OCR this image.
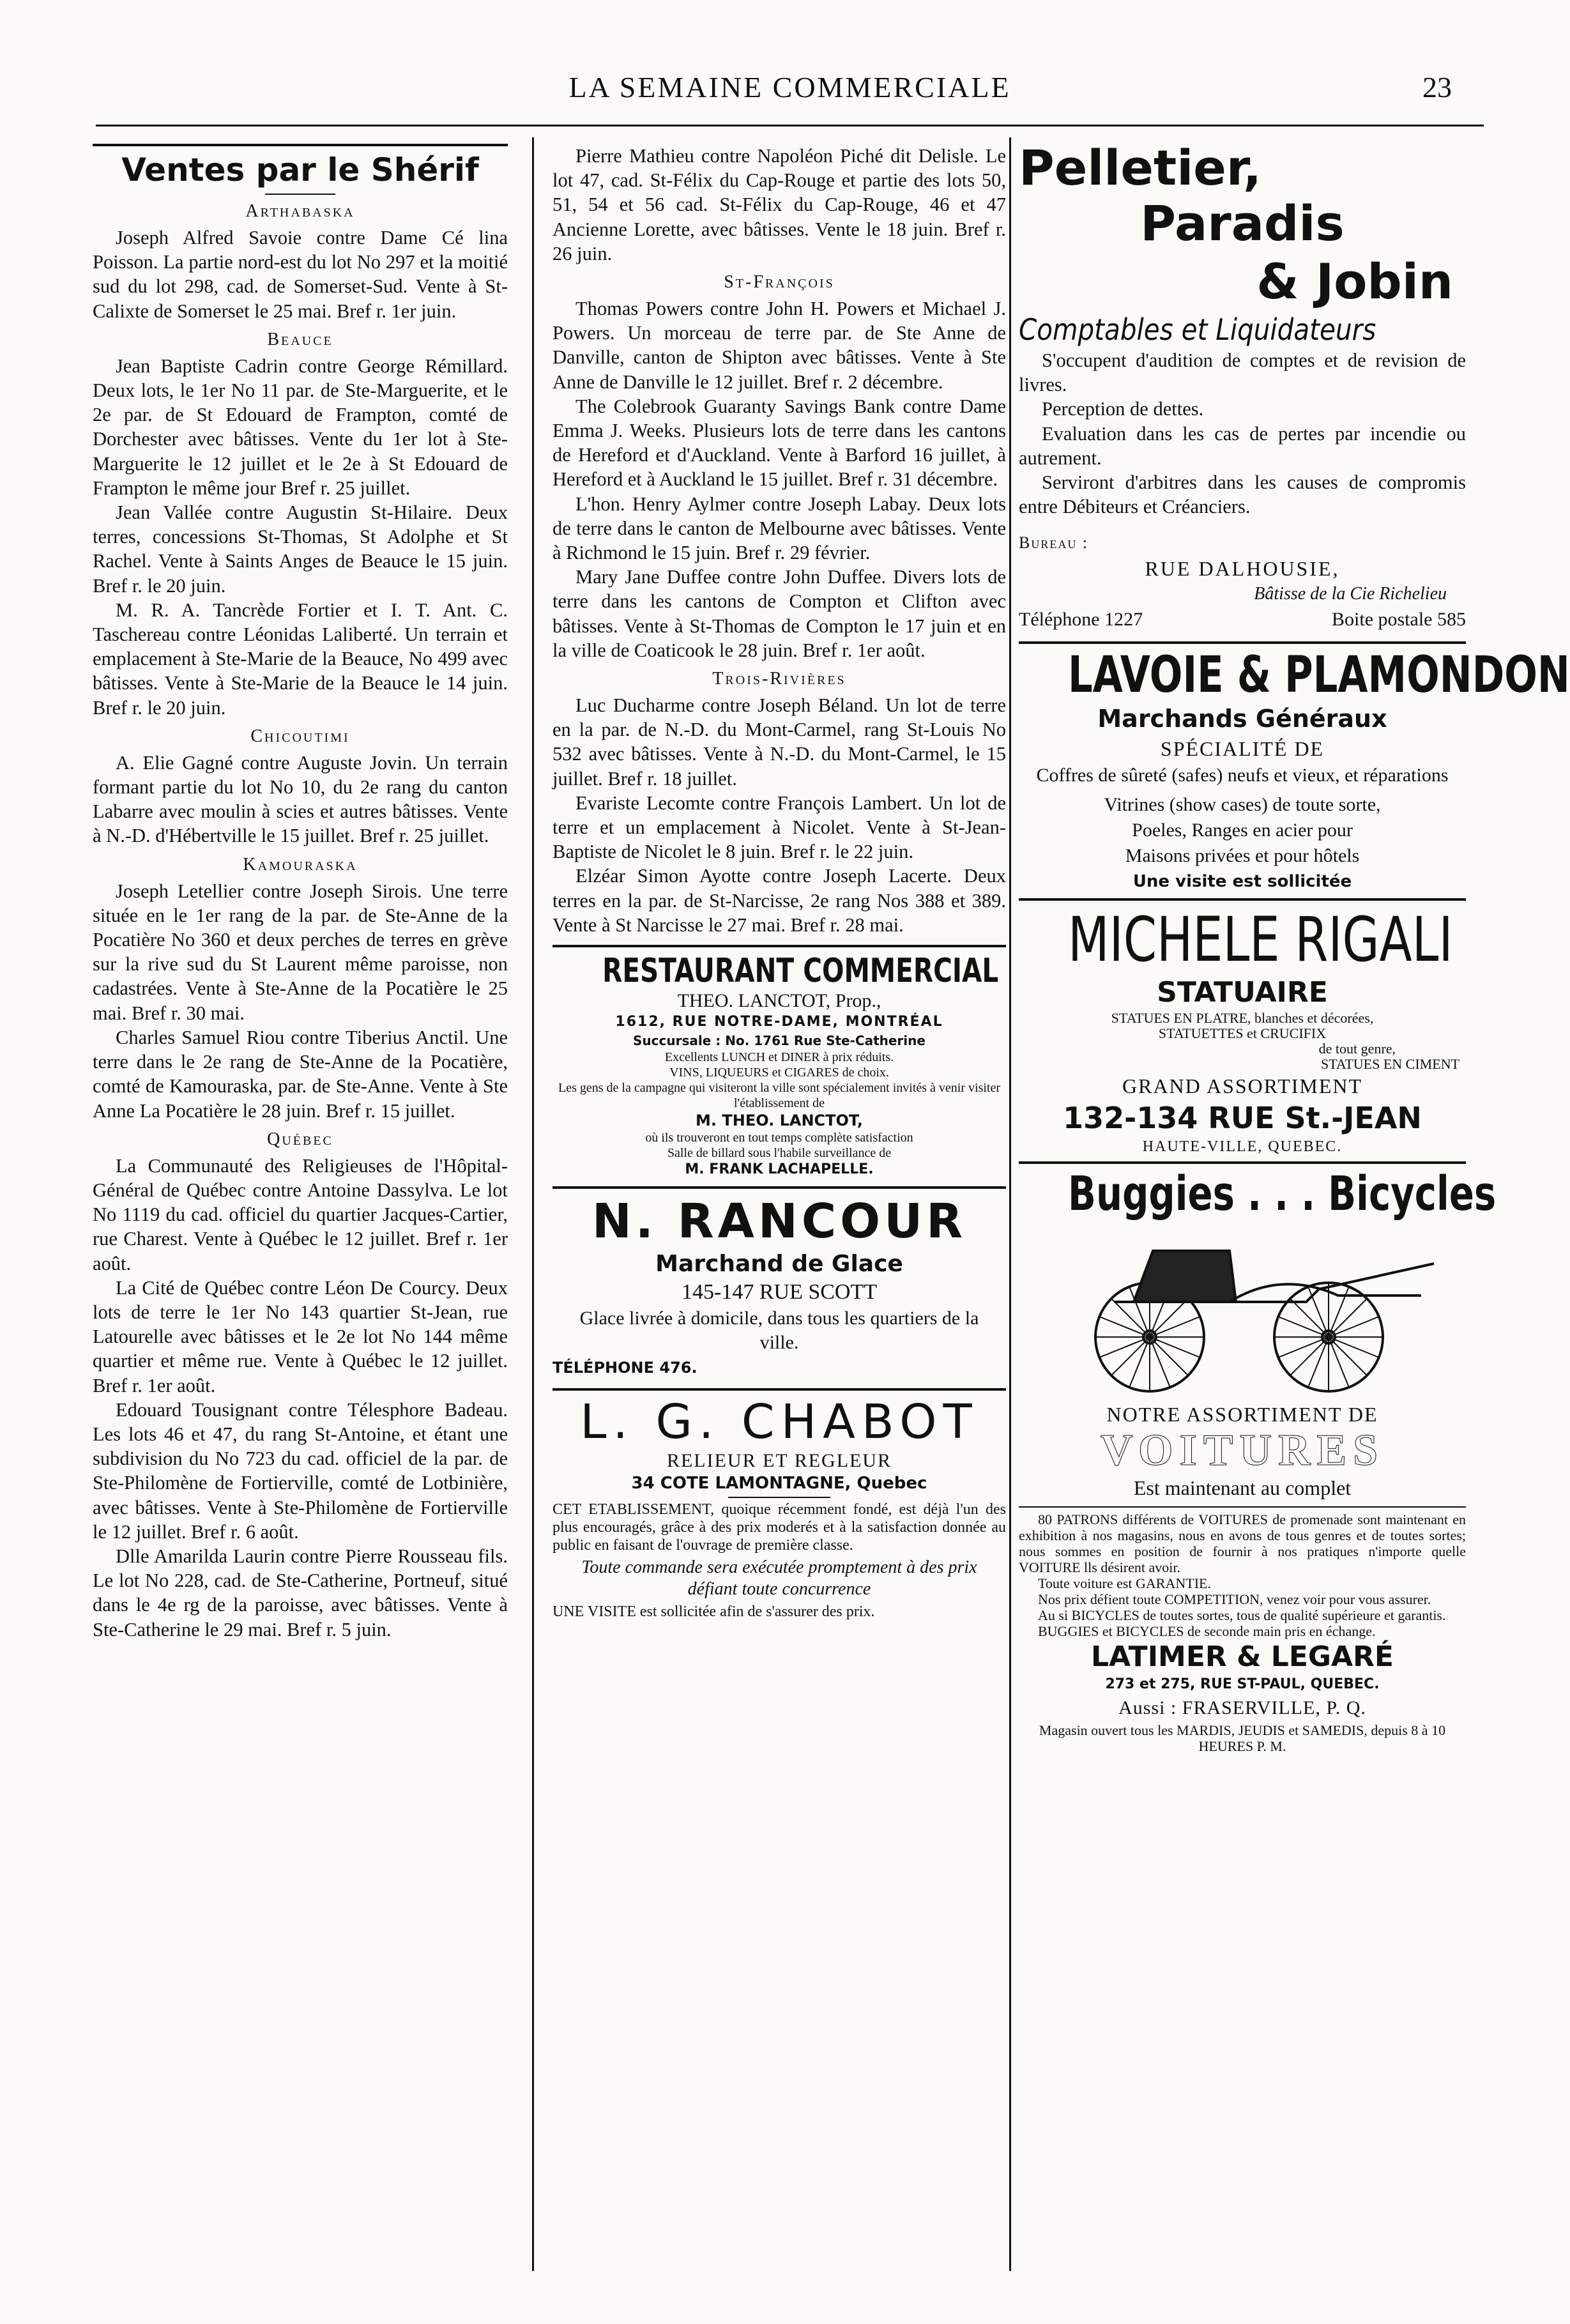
LA SEMAINE COMMERCIALE	23
Ventes par le Shérif
Arthabaska

Joseph Alfred Savoie contre Dame Cé lina Poisson. La partie nord-est du lot No 297 et la moitié sud du lot 298, cad. de Somerset-Sud. Vente à St-Calixte de Somerset le 25 mai. Bref r. 1er juin.

Beauce

Jean Baptiste Cadrin contre George Rémillard. Deux lots, le 1er No 11 par. de Ste-Marguerite, et le 2e par. de St Edouard de Frampton, comté de Dorchester avec bâtisses. Vente du 1er lot à Ste-Marguerite le 12 juillet et le 2e à St Edouard de Frampton le même jour Bref r. 25 juillet.

Jean Vallée contre Augustin St-Hilaire. Deux terres, concessions St-Thomas, St Adolphe et St Rachel. Vente à Saints Anges de Beauce le 15 juin. Bref r. le 20 juin.

M. R. A. Tancrède Fortier et I. T. Ant. C. Taschereau contre Léonidas Laliberté. Un terrain et emplacement à Ste-Marie de la Beauce, No 499 avec bâtisses. Vente à Ste-Marie de la Beauce le 14 juin. Bref r. le 20 juin.

Chicoutimi

A. Elie Gagné contre Auguste Jovin. Un terrain formant partie du lot No 10, du 2e rang du canton Labarre avec moulin à scies et autres bâtisses. Vente à N.-D. d'Hébertville le 15 juillet. Bref r. 25 juillet.

Kamouraska

Joseph Letellier contre Joseph Sirois. Une terre située en le 1er rang de la par. de Ste-Anne de la Pocatière No 360 et deux perches de terres en grève sur la rive sud du St Laurent même paroisse, non cadastrées. Vente à Ste-Anne de la Pocatière le 25 mai. Bref r. 30 mai.

Charles Samuel Riou contre Tiberius Anctil. Une terre dans le 2e rang de Ste-Anne de la Pocatière, comté de Kamouraska, par. de Ste-Anne. Vente à Ste Anne La Pocatière le 28 juin. Bref r. 15 juillet.

Québec

La Communauté des Religieuses de l'Hôpital-Général de Québec contre Antoine Dassylva. Le lot No 1119 du cad. officiel du quartier Jacques-Cartier, rue Charest. Vente à Québec le 12 juillet. Bref r. 1er août.

La Cité de Québec contre Léon De Courcy. Deux lots de terre le 1er No 143 quartier St-Jean, rue Latourelle avec bâtisses et le 2e lot No 144 même quartier et même rue. Vente à Québec le 12 juillet. Bref r. 1er août.

Edouard Tousignant contre Télesphore Badeau. Les lots 46 et 47, du rang St-Antoine, et étant une subdivision du No 723 du cad. officiel de la par. de Ste-Philomène de Fortierville, comté de Lotbinière, avec bâtisses. Vente à Ste-Philomène de Fortierville le 12 juillet. Bref r. 6 août.

Dlle Amarilda Laurin contre Pierre Rousseau fils. Le lot No 228, cad. de Ste-Catherine, Portneuf, situé dans le 4e rg de la paroisse, avec bâtisses. Vente à Ste-Catherine le 29 mai. Bref r. 5 juin.

Pierre Mathieu contre Napoléon Piché dit Delisle. Le lot 47, cad. St-Félix du Cap-Rouge et partie des lots 50, 51, 54 et 56 cad. St-Félix du Cap-Rouge, 46 et 47 Ancienne Lorette, avec bâtisses. Vente le 18 juin. Bref r. 26 juin.

St-François

Thomas Powers contre John H. Powers et Michael J. Powers. Un morceau de terre par. de Ste Anne de Danville, canton de Shipton avec bâtisses. Vente à Ste Anne de Danville le 12 juillet. Bref r. 2 décembre.

The Colebrook Guaranty Savings Bank contre Dame Emma J. Weeks. Plusieurs lots de terre dans les cantons de Hereford et d'Auckland. Vente à Barford 16 juillet, à Hereford et à Auckland le 15 juillet. Bref r. 31 décembre.

L'hon. Henry Aylmer contre Joseph Labay. Deux lots de terre dans le canton de Melbourne avec bâtisses. Vente à Richmond le 15 juin. Bref r. 29 février.

Mary Jane Duffee contre John Duffee. Divers lots de terre dans les cantons de Compton et Clifton avec bâtisses. Vente à St-Thomas de Compton le 17 juin et en la ville de Coaticook le 28 juin. Bref r. 1er août.

Trois-Rivières

Luc Ducharme contre Joseph Béland. Un lot de terre en la par. de N.-D. du Mont-Carmel, rang St-Louis No 532 avec bâtisses. Vente à N.-D. du Mont-Carmel, le 15 juillet. Bref r. 18 juillet.

Evariste Lecomte contre François Lambert. Un lot de terre et un emplacement à Nicolet. Vente à St-Jean-Baptiste de Nicolet le 8 juin. Bref r. le 22 juin.

Elzéar Simon Ayotte contre Joseph Lacerte. Deux terres en la par. de St-Narcisse, 2e rang Nos 388 et 389. Vente à St Narcisse le 27 mai. Bref r. 28 mai.

RESTAURANT COMMERCIAL
THEO. LANCTOT, Prop.,
1612, RUE NOTRE-DAME, MONTRÉAL
Succursale : No. 1761 Rue Ste-Catherine
Excellents LUNCH et DINER à prix réduits.
VINS, LIQUEURS et CIGARES de choix.
Les gens de la campagne qui visiteront la ville sont spécialement invités à venir visiter l'établissement de
M. THEO. LANCTOT,
où ils trouveront en tout temps complète satisfaction
Salle de billard sous l'habile surveillance de
M. FRANK LACHAPELLE.
N. RANCOUR
Marchand de Glace
145-147 RUE SCOTT
Glace livrée à domicile, dans tous les quartiers de la ville.
TÉLÉPHONE 476.
L. G. CHABOT
RELIEUR ET REGLEUR
34 COTE LAMONTAGNE, Quebec
CET ETABLISSEMENT, quoique récemment fondé, est déjà l'un des plus encouragés, grâce à des prix moderés et à la satisfaction donnée au public en faisant de l'ouvrage de première classe.
Toute commande sera exécutée promptement à des prix défiant toute concurrence
UNE VISITE est sollicitée afin de s'assurer des prix.
Pelletier,
Paradis
& Jobin
Comptables et Liquidateurs
S'occupent d'audition de comptes et de revision de livres.
Perception de dettes.
Evaluation dans les cas de pertes par incendie ou autrement.
Serviront d'arbitres dans les causes de compromis entre Débiteurs et Créanciers.
Bureau :
RUE DALHOUSIE,
Bâtisse de la Cie Richelieu
Téléphone 1227	Boite postale 585
LAVOIE & PLAMONDON
Marchands Généraux
SPÉCIALITÉ DE
Coffres de sûreté (safes) neufs et vieux, et réparations
Vitrines (show cases) de toute sorte,
Poeles, Ranges en acier pour
Maisons privées et pour hôtels
Une visite est sollicitée
MICHELE RIGALI
STATUAIRE
STATUES EN PLATRE, blanches et décorées,
STATUETTES et CRUCIFIX
de tout genre,
STATUES EN CIMENT
GRAND ASSORTIMENT
132-134 RUE St.-JEAN
HAUTE-VILLE, QUEBEC.
Buggies . . . Bicycles
NOTRE ASSORTIMENT DE
VOITURES
Est maintenant au complet
80 PATRONS différents de VOITURES de promenade sont maintenant en exhibition à nos magasins, nous en avons de tous genres et de toutes sortes; nous sommes en position de fournir à nos pratiques n'importe quelle VOITURE lls désirent avoir.
Toute voiture est GARANTIE.
Nos prix défient toute COMPETITION, venez voir pour vous assurer.
Au si BICYCLES de toutes sortes, tous de qualité supérieure et garantis.
BUGGIES et BICYCLES de seconde main pris en échange.
LATIMER & LEGARÉ
273 et 275, RUE ST-PAUL, QUEBEC.
Aussi : FRASERVILLE, P. Q.
Magasin ouvert tous les MARDIS, JEUDIS et SAMEDIS, depuis 8 à 10 HEURES P. M.
